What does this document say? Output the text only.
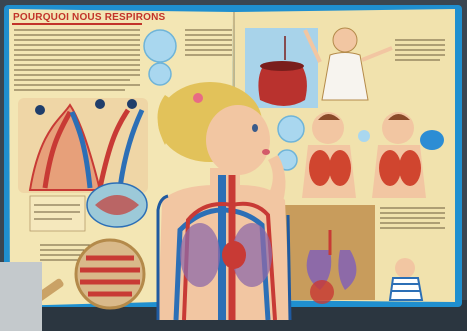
POURQUOI NOUS RESPIRONS
